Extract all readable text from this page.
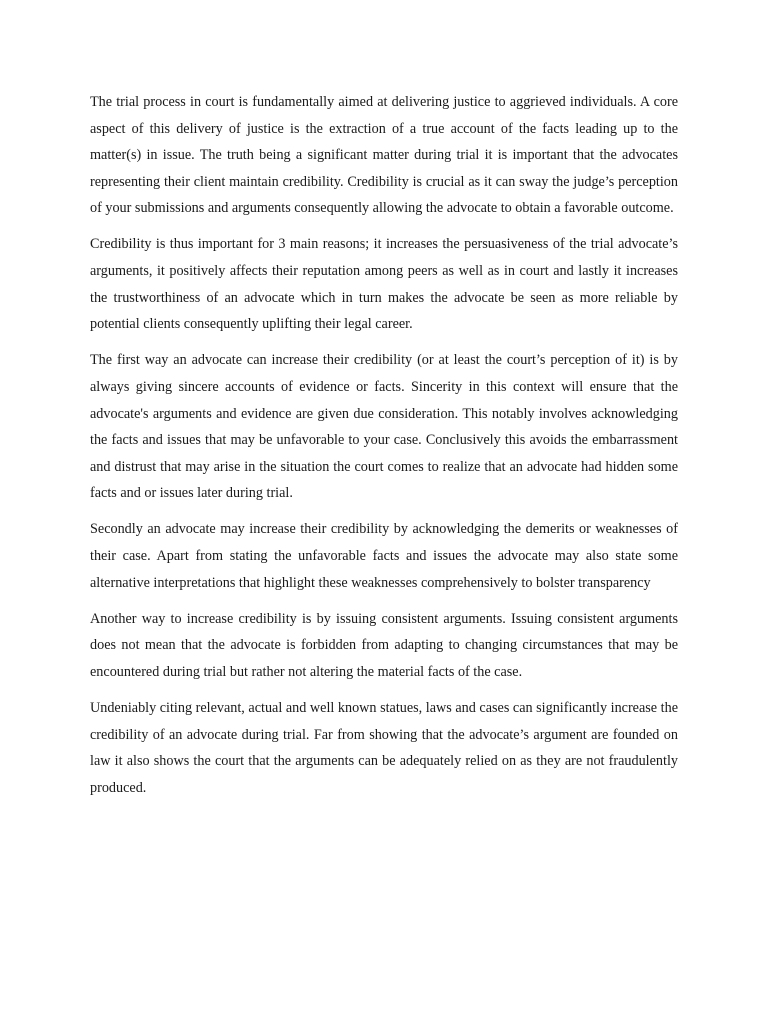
The trial process in court is fundamentally aimed at delivering justice to aggrieved individuals. A core aspect of this delivery of justice is the extraction of a true account of the facts leading up to the matter(s) in issue. The truth being a significant matter during trial it is important that the advocates representing their client maintain credibility. Credibility is crucial as it can sway the judge’s perception of your submissions and arguments consequently allowing the advocate to obtain a favorable outcome.

Credibility is thus important for 3 main reasons; it increases the persuasiveness of the trial advocate’s arguments, it positively affects their reputation among peers as well as in court and lastly it increases the trustworthiness of an advocate which in turn makes the advocate be seen as more reliable by potential clients consequently uplifting their legal career.

The first way an advocate can increase their credibility (or at least the court’s perception of it) is by always giving sincere accounts of evidence or facts. Sincerity in this context will ensure that the advocate's arguments and evidence are given due consideration. This notably involves acknowledging the facts and issues that may be unfavorable to your case. Conclusively this avoids the embarrassment and distrust that may arise in the situation the court comes to realize that an advocate had hidden some facts and or issues later during trial.

Secondly an advocate may increase their credibility by acknowledging the demerits or weaknesses of their case. Apart from stating the unfavorable facts and issues the advocate may also state some alternative interpretations that highlight these weaknesses comprehensively to bolster transparency

Another way to increase credibility is by issuing consistent arguments. Issuing consistent arguments does not mean that the advocate is forbidden from adapting to changing circumstances that may be encountered during trial but rather not altering the material facts of the case.

Undeniably citing relevant, actual and well known statues, laws and cases can significantly increase the credibility of an advocate during trial. Far from showing that the advocate’s argument are founded on law it also shows the court that the arguments can be adequately relied on as they are not fraudulently produced.
